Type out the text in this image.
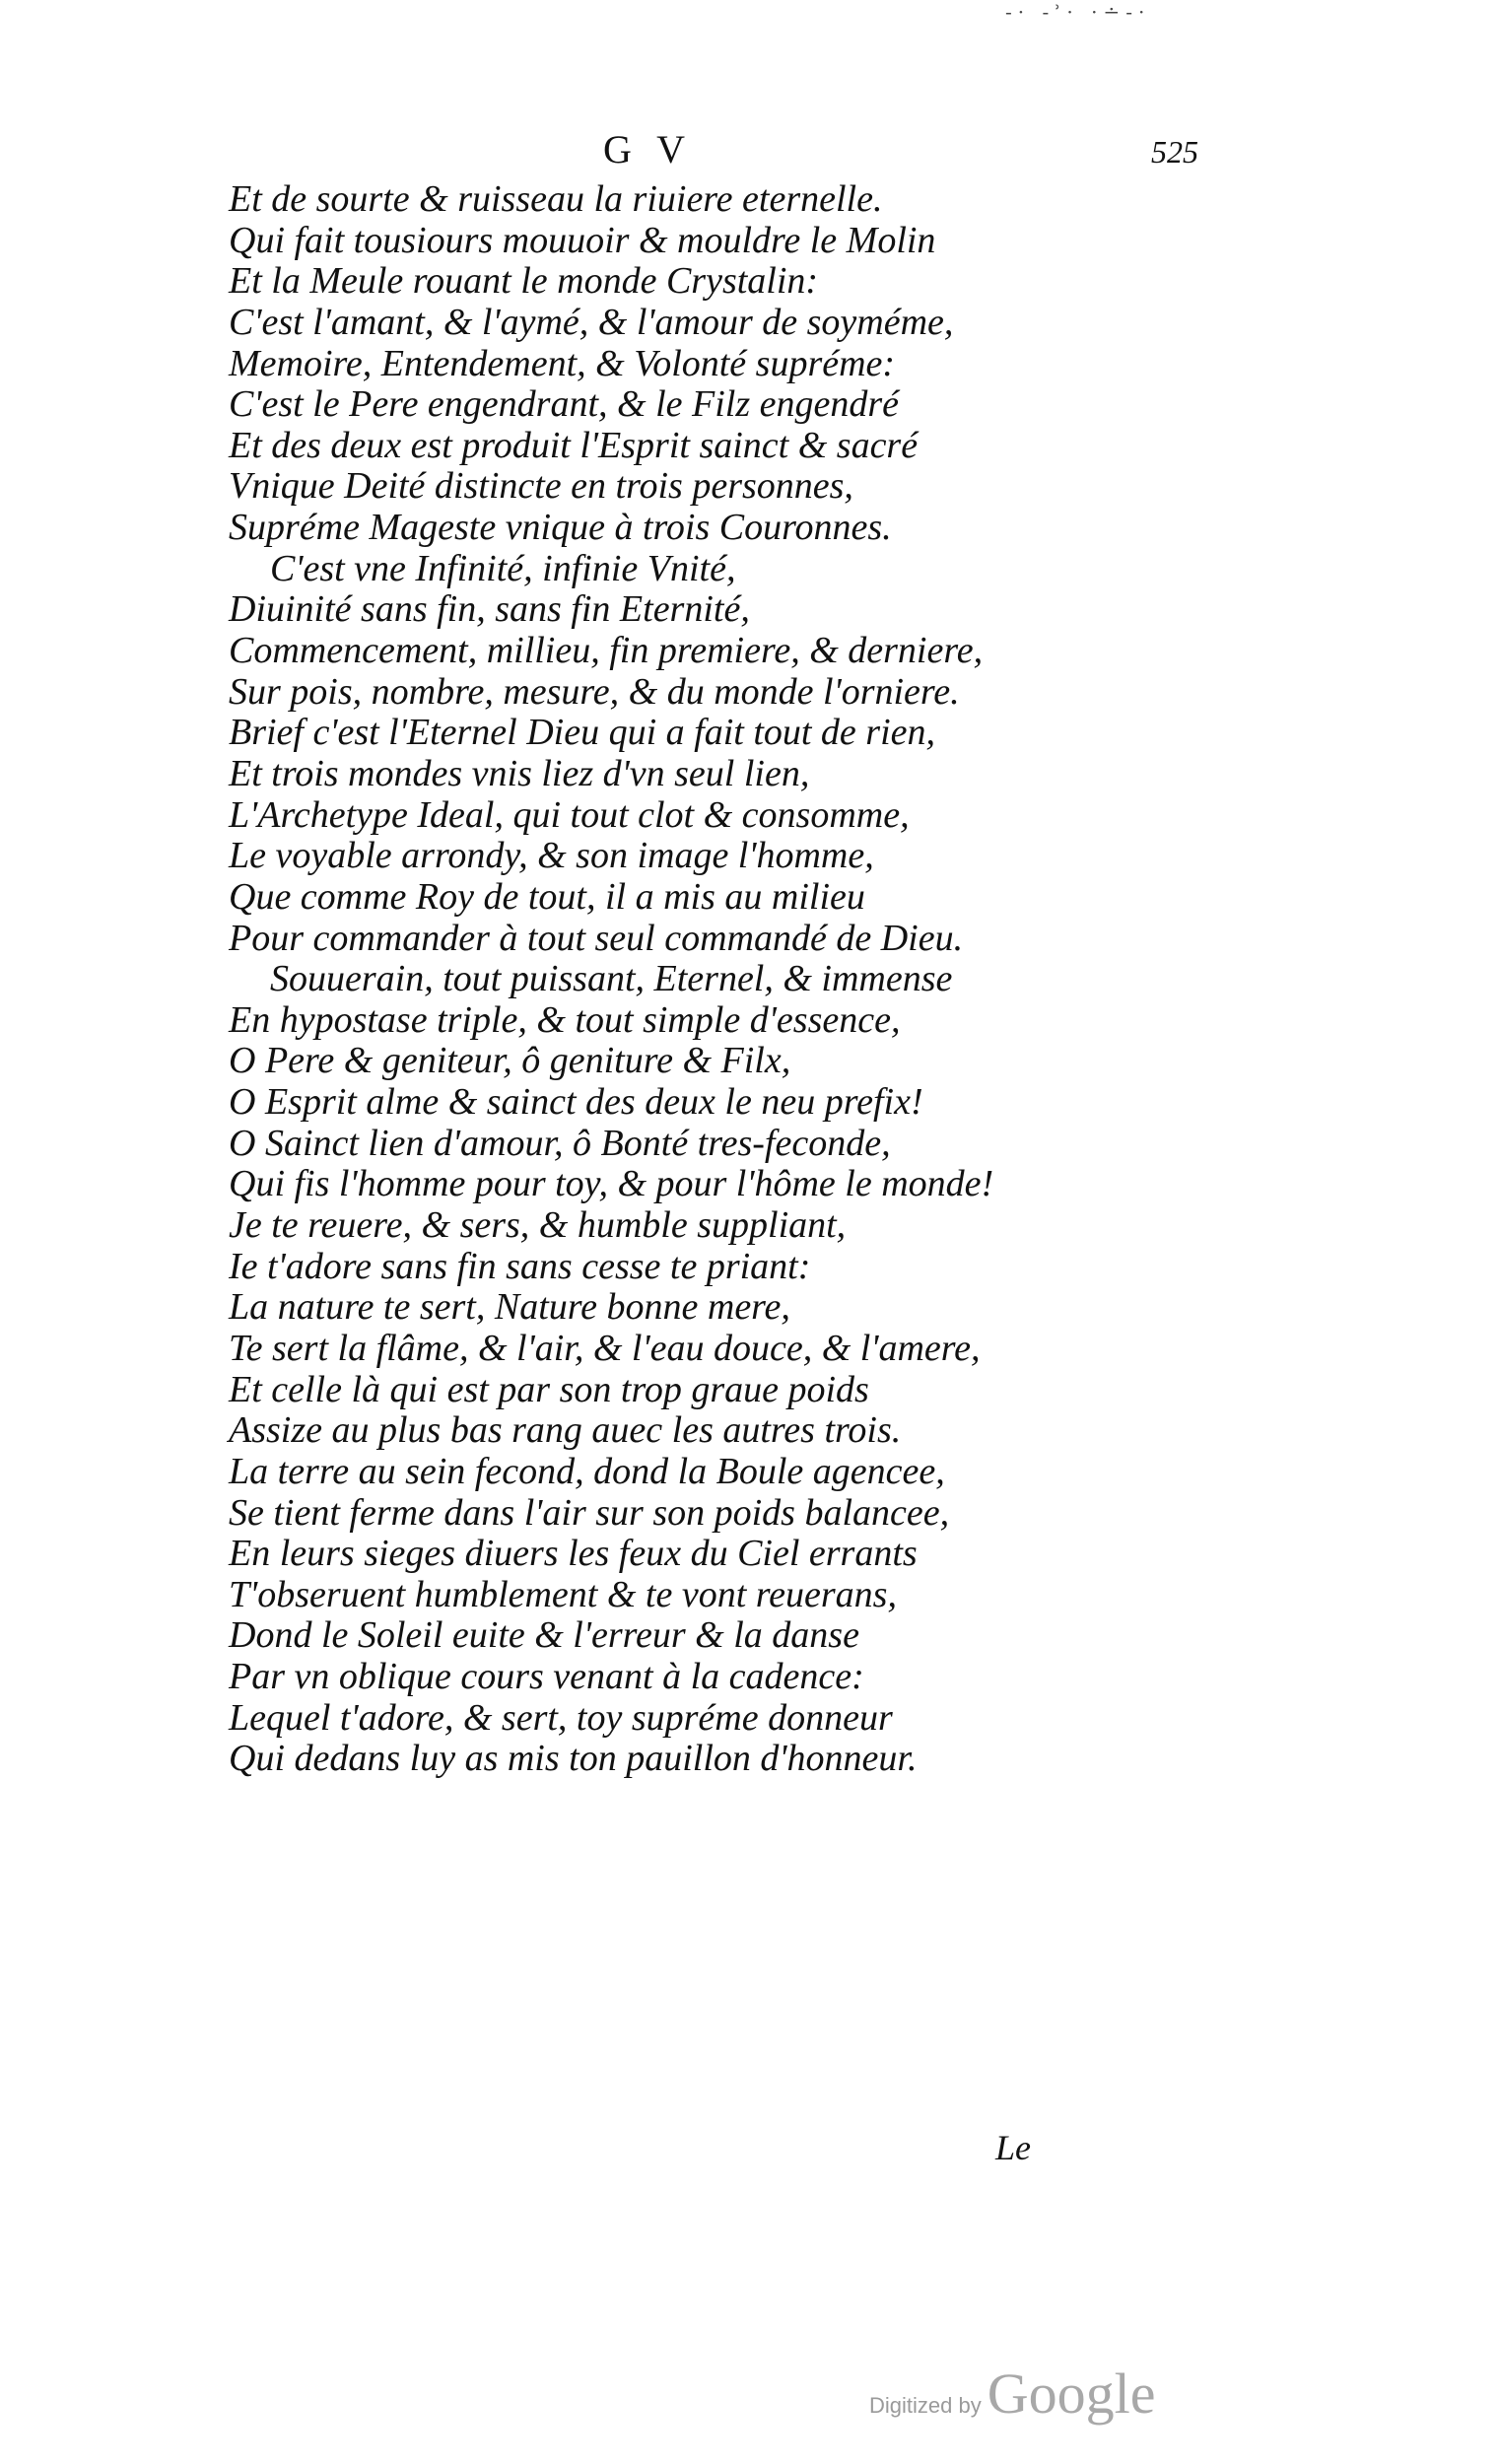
-· -ʾ· ·∸-·
G V	525
Et de sourte & ruisseau la riuiere eternelle.
Qui fait tousiours mouuoir & mouldre le Molin
Et la Meule rouant le monde Crystalin:
C'est l'amant, & l'aymé, & l'amour de soyméme,
Memoire, Entendement, & Volonté supréme:
C'est le Pere engendrant, & le Filz engendré
Et des deux est produit l'Esprit sainct & sacré
Vnique Deité distincte en trois personnes,
Supréme Mageste vnique à trois Couronnes.
C'est vne Infinité, infinie Vnité,
Diuinité sans fin, sans fin Eternité,
Commencement, millieu, fin premiere, & derniere,
Sur pois, nombre, mesure, & du monde l'orniere.
Brief c'est l'Eternel Dieu qui a fait tout de rien,
Et trois mondes vnis liez d'vn seul lien,
L'Archetype Ideal, qui tout clot & consomme,
Le voyable arrondy, & son image l'homme,
Que comme Roy de tout, il a mis au milieu
Pour commander à tout seul commandé de Dieu.
Souuerain, tout puissant, Eternel, & immense
En hypostase triple, & tout simple d'essence,
O Pere & geniteur, ô geniture & Filx,
O Esprit alme & sainct des deux le neu prefix!
O Sainct lien d'amour, ô Bonté tres-feconde,
Qui fis l'homme pour toy, & pour l'hôme le monde!
Je te reuere, & sers, & humble suppliant,
Ie t'adore sans fin sans cesse te priant:
La nature te sert, Nature bonne mere,
Te sert la flâme, & l'air, & l'eau douce, & l'amere,
Et celle là qui est par son trop graue poids
Assize au plus bas rang auec les autres trois.
La terre au sein fecond, dond la Boule agencee,
Se tient ferme dans l'air sur son poids balancee,
En leurs sieges diuers les feux du Ciel errants
T'obseruent humblement & te vont reuerans,
Dond le Soleil euite & l'erreur & la danse
Par vn oblique cours venant à la cadence:
Lequel t'adore, & sert, toy supréme donneur
Qui dedans luy as mis ton pauillon d'honneur.
Le
Digitized by Google
